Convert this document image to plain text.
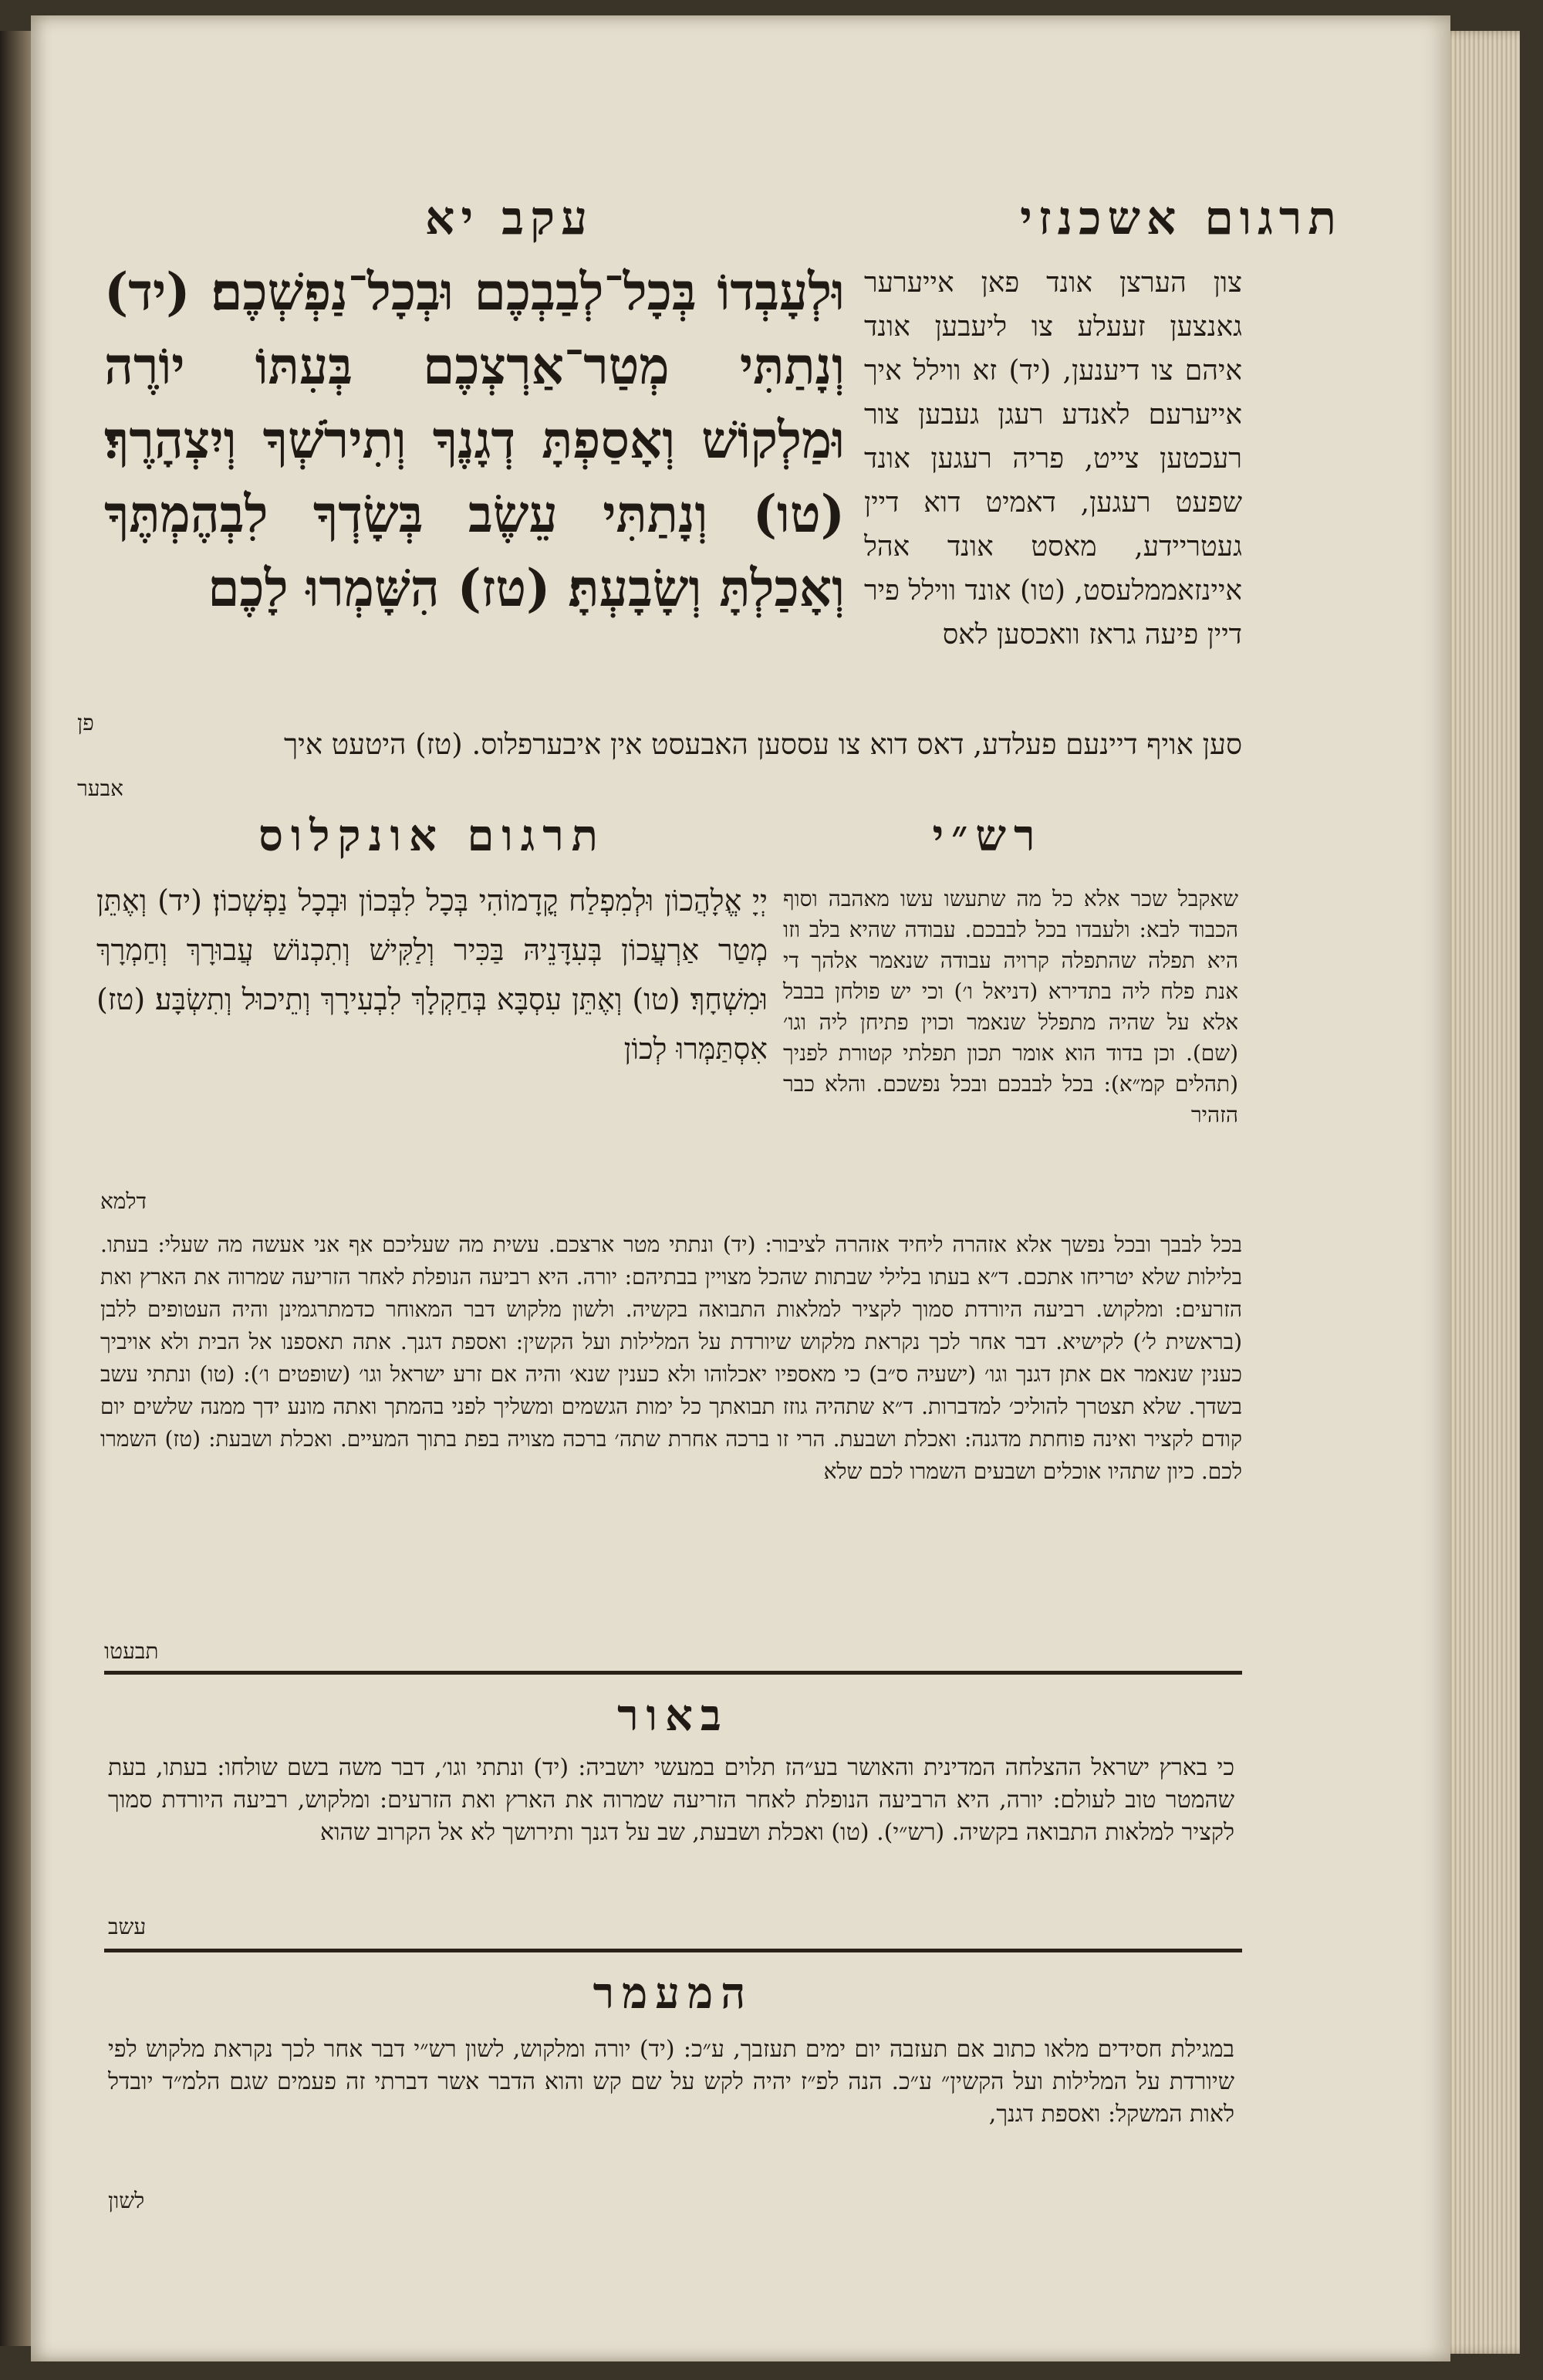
תרגום אשכנזי
עקב יא
וּלְעָבְדוֹ בְּכָל־לְבַבְכֶם וּבְכָל־נַפְשְׁכֶם׃ (יד) וְנָתַתִּי מְטַר־אַרְצְכֶם בְּעִתּוֹ יוֹרֶה וּמַלְקוֹשׁ וְאָסַפְתָּ דְגָנֶךָ וְתִירֹשְׁךָ וְיִצְהָרֶךָ׃ (טו) וְנָתַתִּי עֵשֶׂב בְּשָׂדְךָ לִבְהֶמְתֶּךָ וְאָכַלְתָּ וְשָׂבָעְתָּ׃ (טז) הִשָּׁמְרוּ לָכֶם
צון הערצן אונד פאן אייערער גאנצען זעעלע צו ליעבען אונד איהם צו דיענען, (יד) זא ווילל איך אייערעם לאנדע רעגן געבען צור רעכטען צייט, פריה רעגען אונד שפעט רעגען, דאמיט דוא דיין געטריידע, מאסט אונד אהל איינזאממלעסט, (טו) אונד ווילל פיר דיין פיעה גראז וואכסען לאס
סען אויף דיינעם פעלדע, דאס דוא צו עססען האבעסט אין איבערפלוס. (טז) היטעט איך
פן
אבער
רש״י
תרגום אונקלוס
יְיָ אֱלָהֲכוֹן וּלְמִפְלַח קֳדָמוֹהִי בְּכָל לִבְּכוֹן וּבְכָל נַפְשְׁכוֹן׃ (יד) וְאֶתֵּן מְטַר אַרְעֲכוֹן בְּעִדָּנֵיהּ בַּכִּיר וְלַקִּישׁ וְתִכְנוֹשׁ עֲבוּרָךְ וְחַמְרָךְ וּמִשְׁחָךְ׃ (טו) וְאֶתֵּן עִסְבָּא בְּחַקְלָךְ לִבְעִירָךְ וְתֵיכוּל וְתִשְׂבָּע׃ (טז) אִסְתַּמְּרוּ לְכוֹן
דלמא
שאקבל שכר אלא כל מה שתעשו עשו מאהבה וסוף הכבוד לבא: ולעבדו בכל לבבכם. עבודה שהיא בלב וזו היא תפלה שהתפלה קרויה עבודה שנאמר אלהך די אנת פלח ליה בתדירא (דניאל ו׳) וכי יש פולחן בבבל אלא על שהיה מתפלל שנאמר וכוין פתיחן ליה וגו׳ (שם). וכן בדוד הוא אומר תכון תפלתי קטורת לפניך (תהלים קמ״א): בכל לבבכם ובכל נפשכם. והלא כבר הזהיר
בכל לבבך ובכל נפשך אלא אזהרה ליחיד אזהרה לציבור: (יד) ונתתי מטר ארצכם. עשית מה שעליכם אף אני אעשה מה שעלי: בעתו. בלילות שלא יטריחו אתכם. ד״א בעתו בלילי שבתות שהכל מצויין בבתיהם: יורה. היא רביעה הנופלת לאחר הזריעה שמרוה את הארץ ואת הזרעים: ומלקוש. רביעה היורדת סמוך לקציר למלאות התבואה בקשיה. ולשון מלקוש דבר המאוחר כדמתרגמינן והיה העטופים ללבן (בראשית ל׳) לקישיא. דבר אחר לכך נקראת מלקוש שיורדת על המלילות ועל הקשין: ואספת דגנך. אתה תאספנו אל הבית ולא אויביך כענין שנאמר אם אתן דגנך וגו׳ (ישעיה ס״ב) כי מאספיו יאכלוהו ולא כענין שנא׳ והיה אם זרע ישראל וגו׳ (שופטים ו׳): (טו) ונתתי עשב בשדך. שלא תצטרך להוליכ׳ למדברות. ד״א שתהיה גוזז תבואתך כל ימות הגשמים ומשליך לפני בהמתך ואתה מונע ידך ממנה שלשים יום קודם לקציר ואינה פוחתת מדגנה: ואכלת ושבעת. הרי זו ברכה אחרת שתה׳ ברכה מצויה בפת בתוך המעיים. ואכלת ושבעת: (טז) השמרו לכם. כיון שתהיו אוכלים ושבעים השמרו לכם שלא
תבעטו
באור
כי בארץ ישראל ההצלחה המדינית והאושר בע״הז תלוים במעשי יושביה: (יד) ונתתי וגו׳, דבר משה בשם שולחו: בעתו, בעת שהמטר טוב לעולם: יורה, היא הרביעה הנופלת לאחר הזריעה שמרוה את הארץ ואת הזרעים: ומלקוש, רביעה היורדת סמוך לקציר למלאות התבואה בקשיה. (רש״י). (טו) ואכלת ושבעת, שב על דגנך ותירושך לא אל הקרוב שהוא
עשב
המעמר
במגילת חסידים מלאו כתוב אם תעזבה יום ימים תעזבך, ע״כ: (יד) יורה ומלקוש, לשון רש״י דבר אחר לכך נקראת מלקוש לפי שיורדת על המלילות ועל הקשין״ ע״כ. הנה לפ״ז יהיה לקש על שם קש והוא הדבר אשר דברתי זה פעמים שגם הלמ״ד יובדל לאות המשקל: ואספת דגנך,
לשון
